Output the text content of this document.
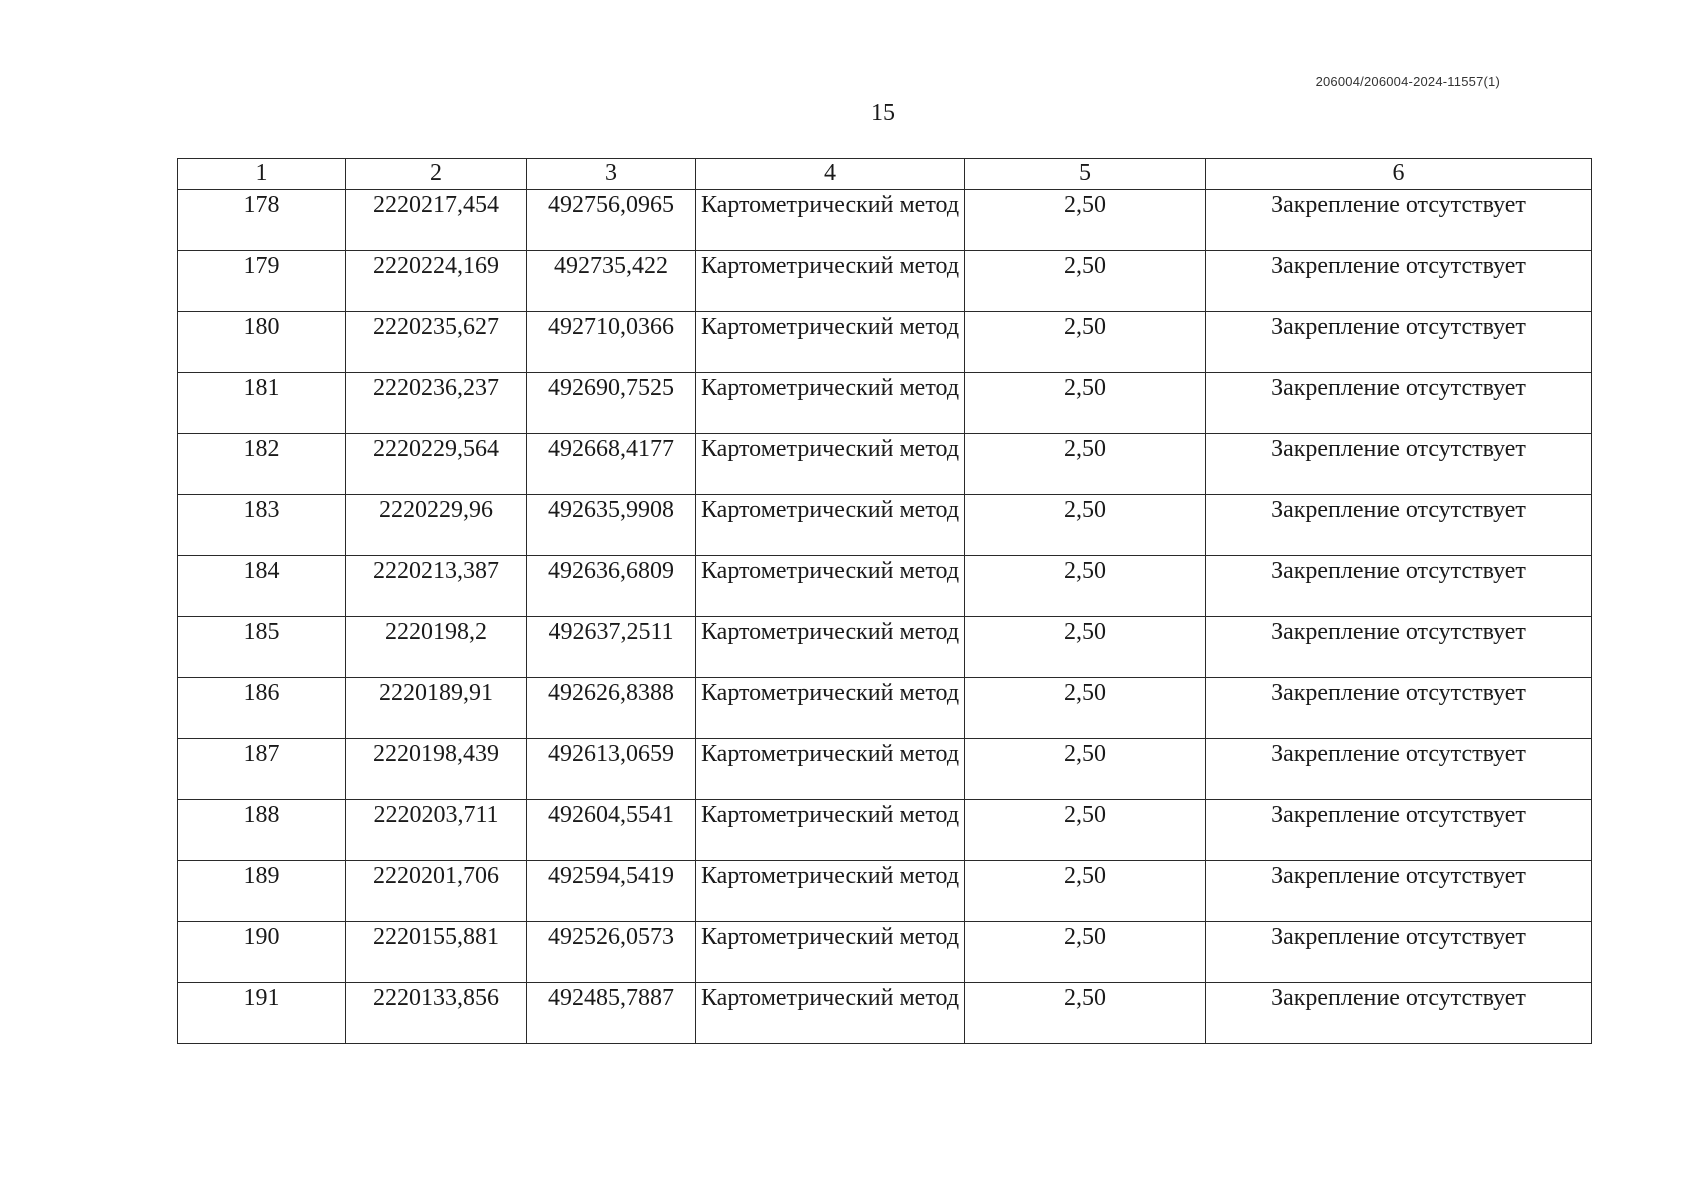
206004/206004-2024-11557(1)
15
1	2	3	4	5	6
178	2220217,454	492756,0965	Картометрический метод	2,50	Закрепление отсутствует
179	2220224,169	492735,422	Картометрический метод	2,50	Закрепление отсутствует
180	2220235,627	492710,0366	Картометрический метод	2,50	Закрепление отсутствует
181	2220236,237	492690,7525	Картометрический метод	2,50	Закрепление отсутствует
182	2220229,564	492668,4177	Картометрический метод	2,50	Закрепление отсутствует
183	2220229,96	492635,9908	Картометрический метод	2,50	Закрепление отсутствует
184	2220213,387	492636,6809	Картометрический метод	2,50	Закрепление отсутствует
185	2220198,2	492637,2511	Картометрический метод	2,50	Закрепление отсутствует
186	2220189,91	492626,8388	Картометрический метод	2,50	Закрепление отсутствует
187	2220198,439	492613,0659	Картометрический метод	2,50	Закрепление отсутствует
188	2220203,711	492604,5541	Картометрический метод	2,50	Закрепление отсутствует
189	2220201,706	492594,5419	Картометрический метод	2,50	Закрепление отсутствует
190	2220155,881	492526,0573	Картометрический метод	2,50	Закрепление отсутствует
191	2220133,856	492485,7887	Картометрический метод	2,50	Закрепление отсутствует
